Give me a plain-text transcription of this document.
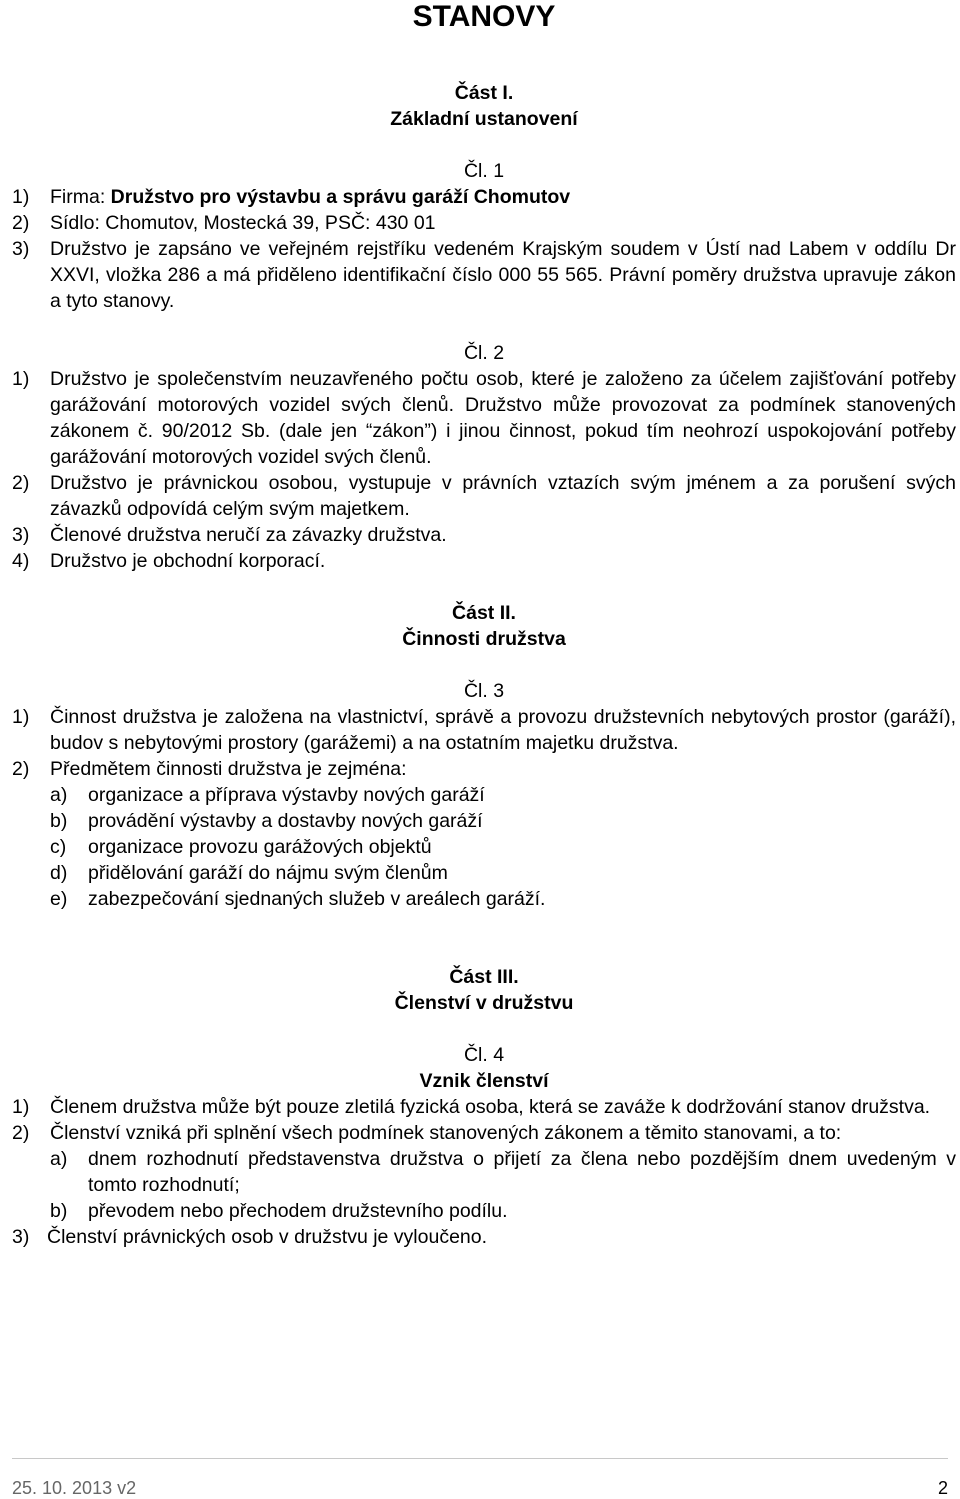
STANOVY
Část I.
Základní ustanovení
Čl. 1
1)	Firma: Družstvo pro výstavbu a správu garáží Chomutov
2)	Sídlo: Chomutov, Mostecká 39, PSČ: 430 01
3)	Družstvo je zapsáno ve veřejném rejstříku vedeném Krajským soudem v Ústí nad Labem v oddílu Dr XXVI, vložka 286 a má přiděleno identifikační číslo 000 55 565. Právní poměry družstva upravuje zákon a tyto stanovy.
Čl. 2
1)	Družstvo je společenstvím neuzavřeného počtu osob, které je založeno za účelem zajišťování potřeby garážování motorových vozidel svých členů. Družstvo může provozovat za podmínek stanovených zákonem č. 90/2012 Sb. (dale jen “zákon”) i jinou činnost, pokud tím neohrozí uspokojování potřeby garážování motorových vozidel svých členů.
2)	Družstvo je právnickou osobou, vystupuje v právních vztazích svým jménem a za porušení svých závazků odpovídá celým svým majetkem.
3)	Členové družstva neručí za závazky družstva.
4)	Družstvo je obchodní korporací.
Část II.
Činnosti družstva
Čl. 3
1)	Činnost družstva je založena na vlastnictví, správě a provozu družstevních nebytových prostor (garáží), budov s nebytovými prostory (garážemi) a na ostatním majetku družstva.
2)	Předmětem činnosti družstva je zejména:
a)	organizace a příprava výstavby nových garáží
b)	provádění výstavby a dostavby nových garáží
c)	organizace provozu garážových objektů
d)	přidělování garáží do nájmu svým členům
e)	zabezpečování sjednaných služeb v areálech garáží.
Část III.
Členství v družstvu
Čl. 4
Vznik členství
1)	Členem družstva může být pouze zletilá fyzická osoba, která se zaváže k dodržování stanov družstva.
2)	Členství vzniká při splnění všech podmínek stanovených zákonem a těmito stanovami, a to:
a)	dnem rozhodnutí představenstva družstva o přijetí za člena nebo pozdějším dnem uvedeným v tomto rozhodnutí;
b)	převodem nebo přechodem družstevního podílu.
3) Členství právnických osob v družstvu je vyloučeno.
25. 10. 2013 v2	2
